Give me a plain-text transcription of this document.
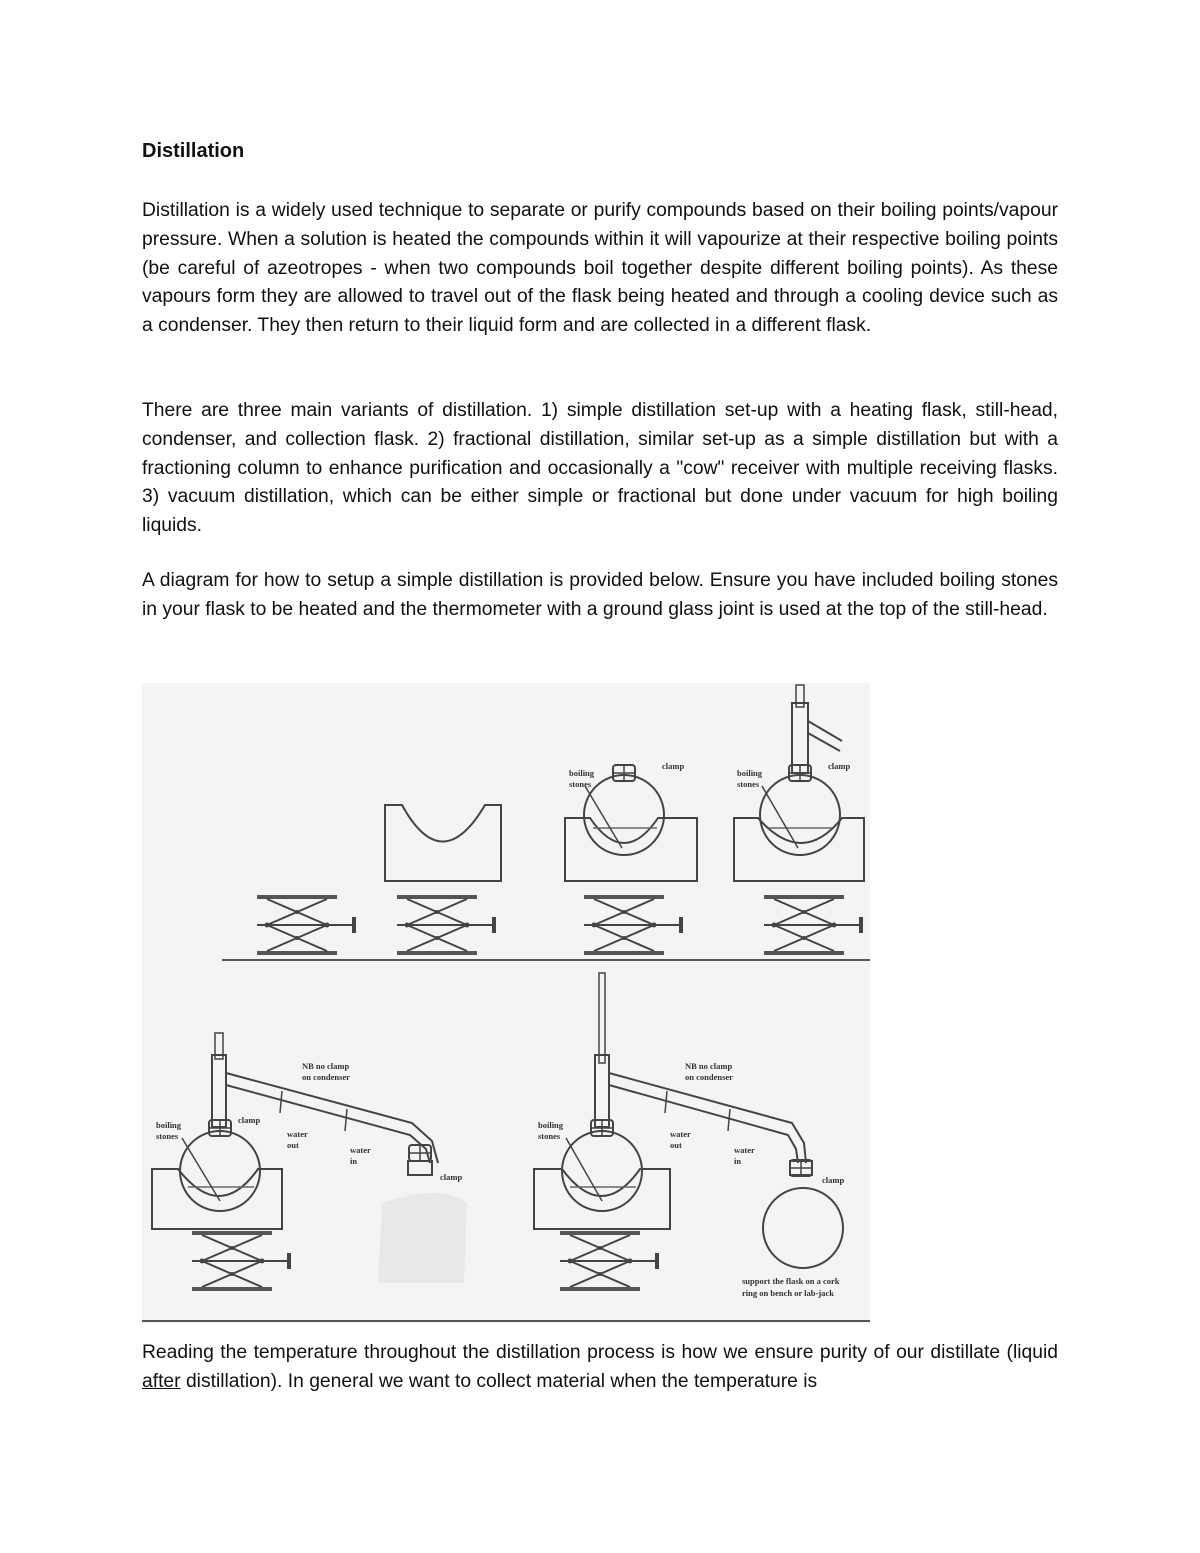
Distillation

Distillation is a widely used technique to separate or purify compounds based on their boiling points/vapour pressure. When a solution is heated the compounds within it will vapourize at their respective boiling points (be careful of azeotropes - when two compounds boil together despite different boiling points). As these vapours form they are allowed to travel out of the flask being heated and through a cooling device such as a condenser. They then return to their liquid form and are collected in a different flask.

There are three main variants of distillation. 1) simple distillation set-up with a heating flask, still-head, condenser, and collection flask. 2) fractional distillation, similar set-up as a simple distillation but with a fractioning column to enhance purification and occasionally a "cow" receiver with multiple receiving flasks. 3) vacuum distillation, which can be either simple or fractional but done under vacuum for high boiling liquids.

A diagram for how to setup a simple distillation is provided below. Ensure you have included boiling stones in your flask to be heated and the thermometer with a ground glass joint is used at the top of the still-head.

boiling
stones
clamp
boiling
stones
clamp
boiling
stones
clamp
NB no clamp
on condenser
water
out	water
in
clamp
boiling
stones
NB no clamp
on condenser
water
out	water
in
clamp
support the flask on a cork
ring on bench or lab-jack

Reading the temperature throughout the distillation process is how we ensure purity of our distillate (liquid after distillation). In general we want to collect material when the temperature is
